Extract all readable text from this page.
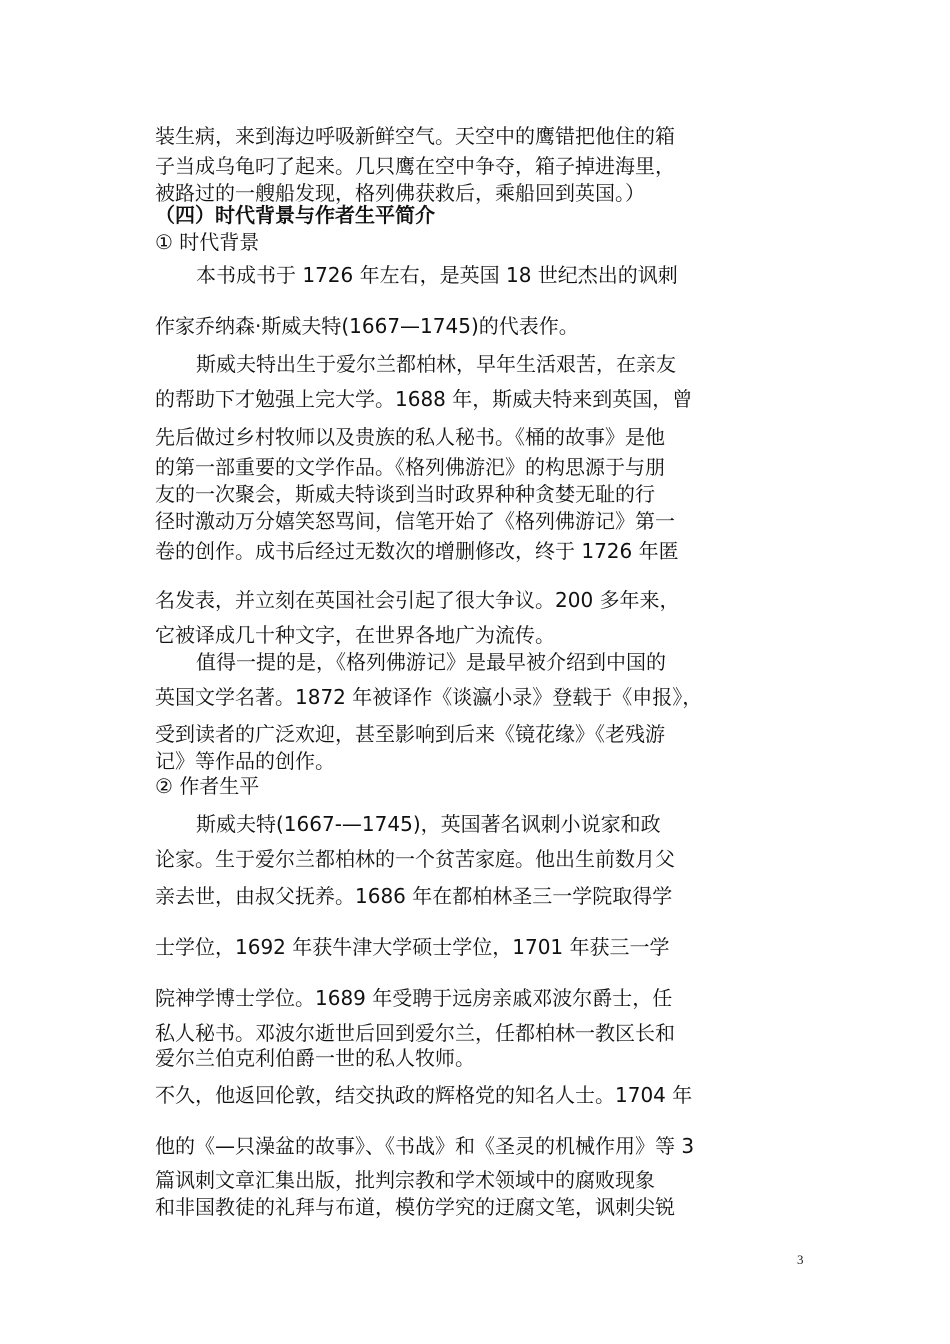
装生病，来到海边呼吸新鲜空气。天空中的鹰错把他住的箱
子当成乌龟叼了起来。几只鹰在空中争夺，箱子掉进海里，
被路过的一艘船发现，格列佛获救后，乘船回到英国。）
（四）时代背景与作者生平简介
① 时代背景
本书成书于 1726 年左右，是英国 18 世纪杰出的讽刺
作家乔纳森·斯威夫特(1667—1745)的代表作。
斯威夫特出生于爱尔兰都柏林，早年生活艰苦，在亲友
的帮助下才勉强上完大学。1688 年，斯威夫特来到英国，曾
先后做过乡村牧师以及贵族的私人秘书。《桶的故事》是他
的第一部重要的文学作品。《格列佛游汜》的构思源于与朋
友的一次聚会，斯威夫特谈到当时政界种种贪婪无耻的行
径时激动万分嬉笑怒骂间，信笔开始了《格列佛游记》第一
卷的创作。成书后经过无数次的增删修改，终于 1726 年匿
名发表，并立刻在英国社会引起了很大争议。200 多年来，
它被译成几十种文字，在世界各地广为流传。
值得一提的是，《格列佛游记》是最早被介绍到中国的
英国文学名著。1872 年被译作《谈瀛小录》登载于《申报》，
受到读者的广泛欢迎，甚至影响到后来《镜花缘》《老残游
记》等作品的创作。
② 作者生平
斯威夫特(1667-—1745)，英国著名讽刺小说家和政
论家。生于爱尔兰都柏林的一个贫苦家庭。他出生前数月父
亲去世，由叔父抚养。1686 年在都柏林圣三一学院取得学
士学位，1692 年获牛津大学硕士学位，1701 年获三一学
院神学博士学位。1689 年受聘于远房亲戚邓波尔爵士，任
私人秘书。邓波尔逝世后回到爱尔兰，任都柏林一教区长和
爱尔兰伯克利伯爵一世的私人牧师。
不久，他返回伦敦，结交执政的辉格党的知名人士。1704 年
他的《—只澡盆的故事》、《书战》和《圣灵的机械作用》等 3
篇讽刺文章汇集出版，批判宗教和学术领域中的腐败现象
和非国教徒的礼拜与布道，模仿学究的迂腐文笔，讽刺尖锐
3
